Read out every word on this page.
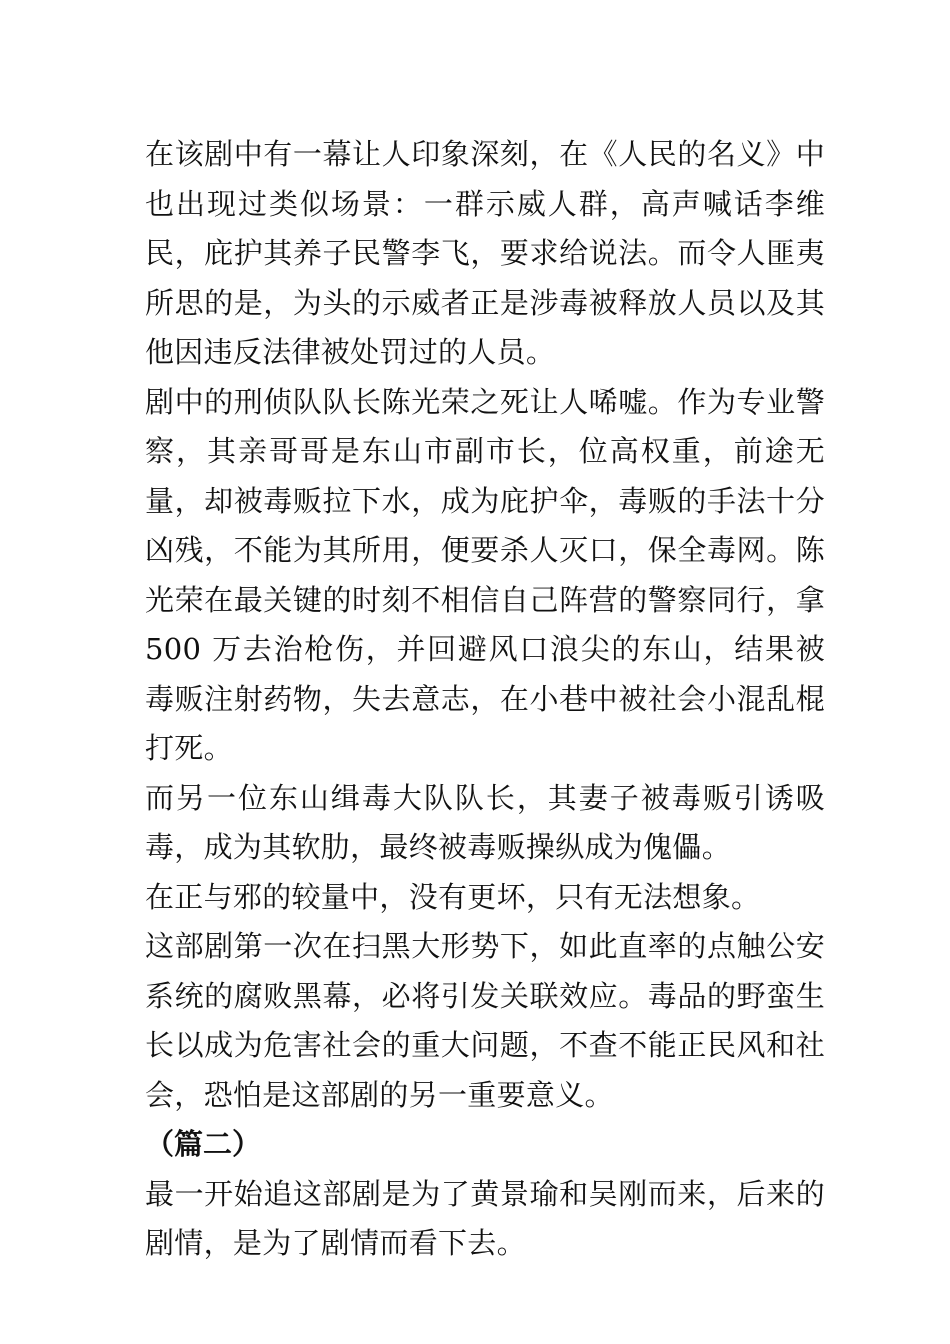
在该剧中有一幕让人印象深刻，在《人民的名义》中也出现过类似场景：一群示威人群，高声喊话李维民，庇护其养子民警李飞，要求给说法。而令人匪夷所思的是，为头的示威者正是涉毒被释放人员以及其他因违反法律被处罚过的人员。

剧中的刑侦队队长陈光荣之死让人唏嘘。作为专业警察，其亲哥哥是东山市副市长，位高权重，前途无量，却被毒贩拉下水，成为庇护伞，毒贩的手法十分凶残，不能为其所用，便要杀人灭口，保全毒网。陈光荣在最关键的时刻不相信自己阵营的警察同行，拿 500 万去治枪伤，并回避风口浪尖的东山，结果被毒贩注射药物，失去意志，在小巷中被社会小混乱棍打死。

而另一位东山缉毒大队队长，其妻子被毒贩引诱吸毒，成为其软肋，最终被毒贩操纵成为傀儡。

在正与邪的较量中，没有更坏，只有无法想象。

这部剧第一次在扫黑大形势下，如此直率的点触公安系统的腐败黑幕，必将引发关联效应。毒品的野蛮生长以成为危害社会的重大问题，不查不能正民风和社会，恐怕是这部剧的另一重要意义。

（篇二）

最一开始追这部剧是为了黄景瑜和吴刚而来，后来的剧情，是为了剧情而看下去。
